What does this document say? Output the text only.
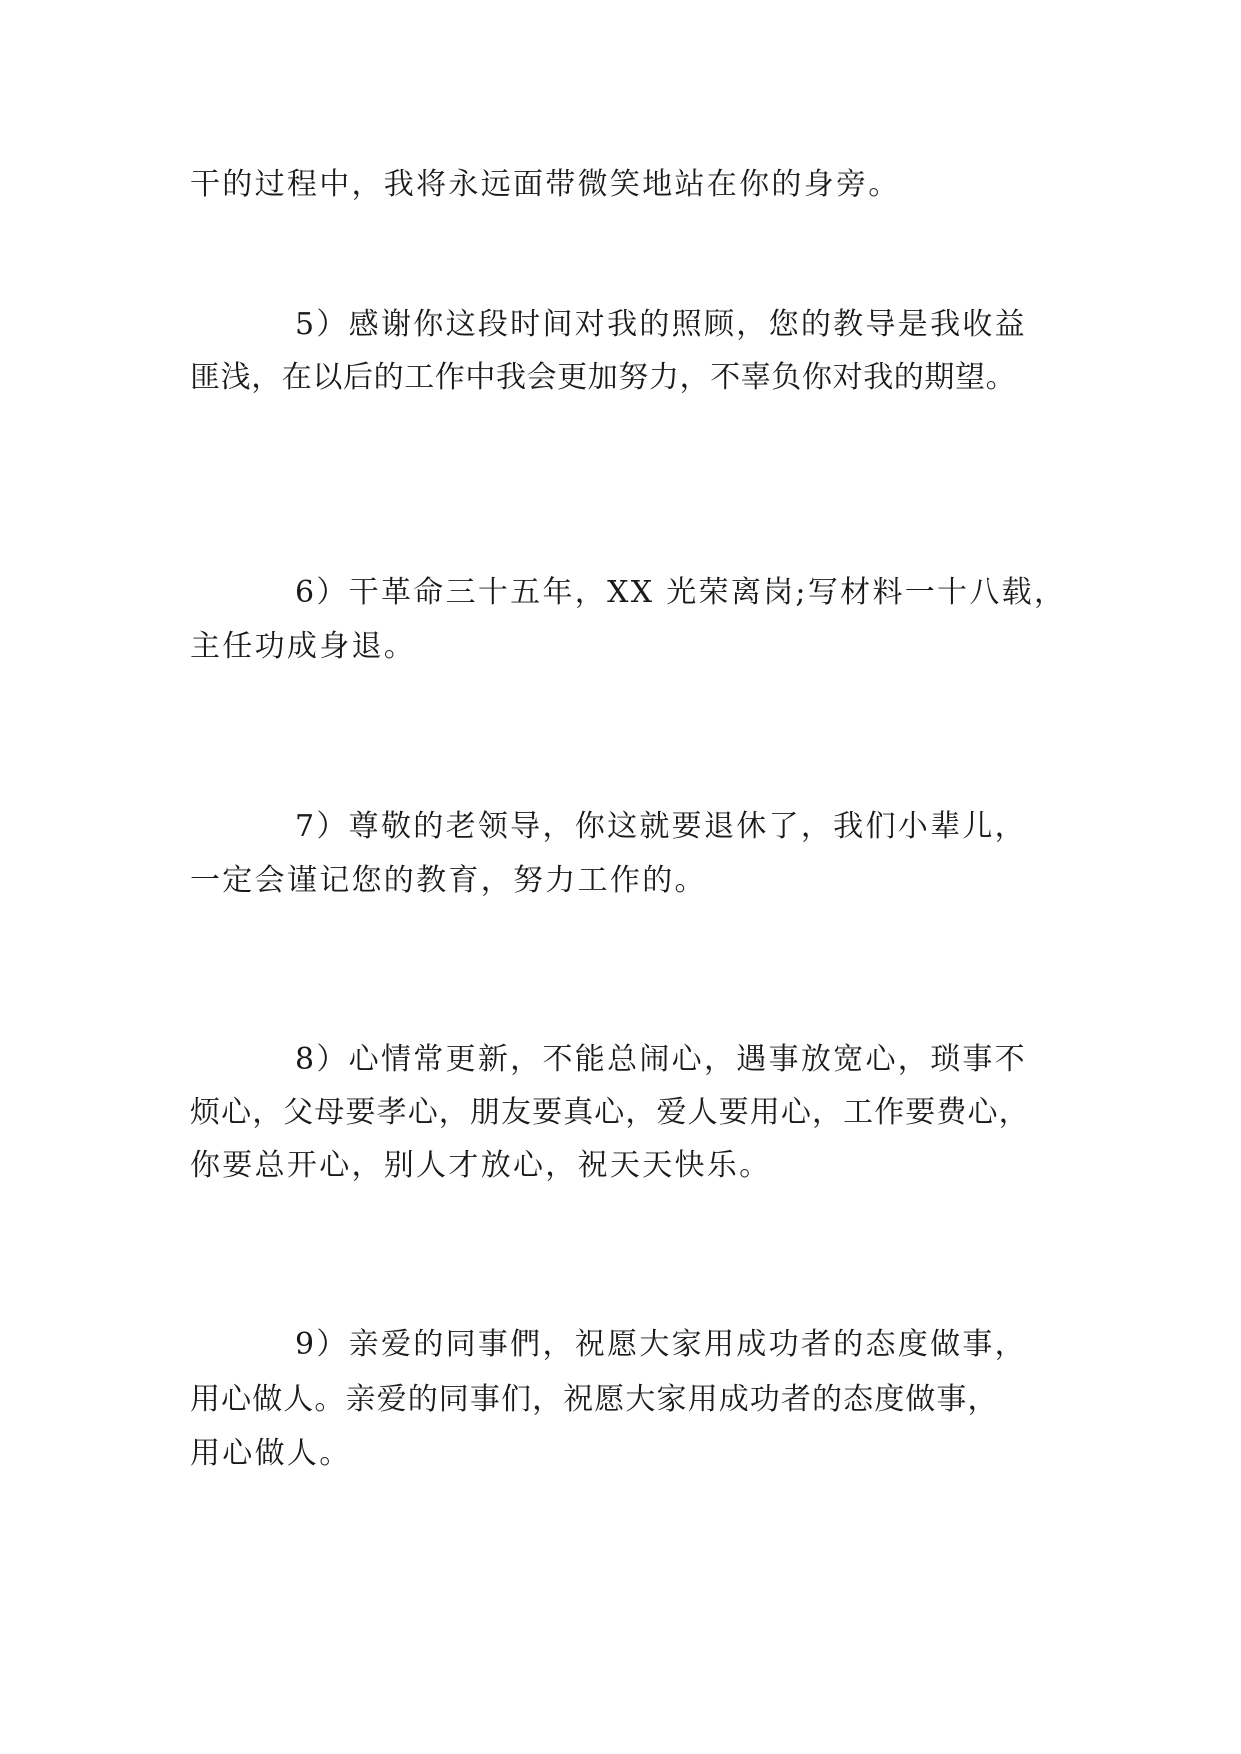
干的过程中，我将永远面带微笑地站在你的身旁。
5）感谢你这段时间对我的照顾，您的教导是我收益
匪浅，在以后的工作中我会更加努力，不辜负你对我的期望。
6）干革命三十五年，XX 光荣离岗;写材料一十八载，
主任功成身退。
7）尊敬的老领导，你这就要退休了，我们小辈儿，
一定会谨记您的教育，努力工作的。
8）心情常更新，不能总闹心，遇事放宽心，琐事不
烦心，父母要孝心，朋友要真心，爱人要用心，工作要费心，
你要总开心，别人才放心，祝天天快乐。
9）亲爱的同事們，祝愿大家用成功者的态度做事，
用心做人。亲爱的同事们，祝愿大家用成功者的态度做事，
用心做人。
